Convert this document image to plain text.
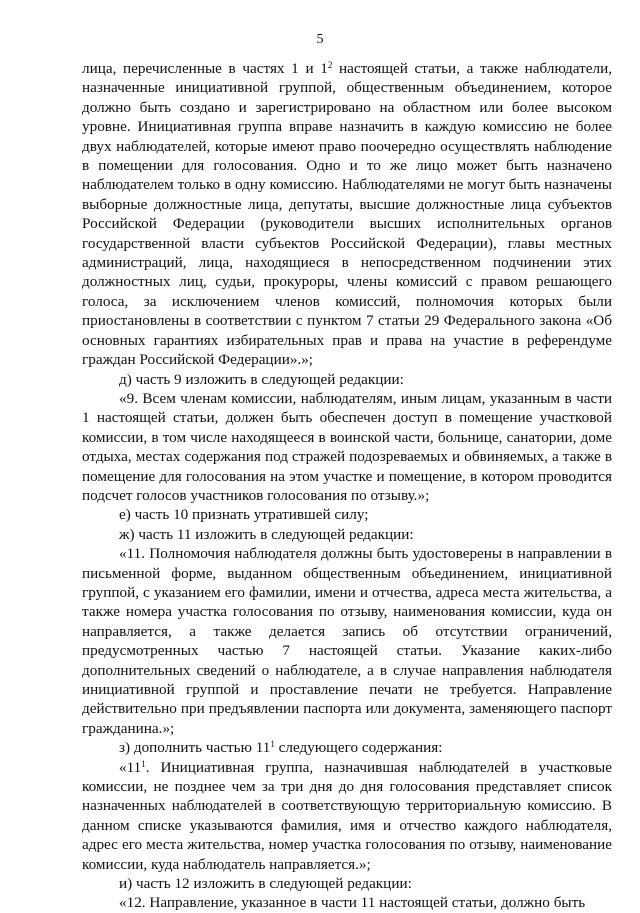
5

лица, перечисленные в частях 1 и $1^2$ настоящей статьи, а также наблюдатели, назначенные инициативной группой, общественным объединением, которое должно быть создано и зарегистрировано на областном или более высоком уровне. Инициативная группа вправе назначить в каждую комиссию не более двух наблюдателей, которые имеют право поочередно осуществлять наблюдение в помещении для голосования. Одно и то же лицо может быть назначено наблюдателем только в одну комиссию. Наблюдателями не могут быть назначены выборные должностные лица, депутаты, высшие должностные лица субъектов Российской Федерации (руководители высших исполнительных органов государственной власти субъектов Российской Федерации), главы местных администраций, лица, находящиеся в непосредственном подчинении этих должностных лиц, судьи, прокуроры, члены комиссий с правом решающего голоса, за исключением членов комиссий, полномочия которых были приостановлены в соответствии с пунктом 7 статьи 29 Федерального закона «Об основных гарантиях избирательных прав и права на участие в референдуме граждан Российской Федерации».»;

д) часть 9 изложить в следующей редакции:

«9. Всем членам комиссии, наблюдателям, иным лицам, указанным в части 1 настоящей статьи, должен быть обеспечен доступ в помещение участковой комиссии, в том числе находящееся в воинской части, больнице, санатории, доме отдыха, местах содержания под стражей подозреваемых и обвиняемых, а также в помещение для голосования на этом участке и помещение, в котором проводится подсчет голосов участников голосования по отзыву.»;

е) часть 10 признать утратившей силу;

ж) часть 11 изложить в следующей редакции:

«11. Полномочия наблюдателя должны быть удостоверены в направлении в письменной форме, выданном общественным объединением, инициативной группой, с указанием его фамилии, имени и отчества, адреса места жительства, а также номера участка голосования по отзыву, наименования комиссии, куда он направляется, а также делается запись об отсутствии ограничений, предусмотренных частью 7 настоящей статьи. Указание каких-либо дополнительных сведений о наблюдателе, а в случае направления наблюдателя инициативной группой и проставление печати не требуется. Направление действительно при предъявлении паспорта или документа, заменяющего паспорт гражданина.»;

з) дополнить частью $11^1$ следующего содержания:

«$11^1$. Инициативная группа, назначившая наблюдателей в участковые комиссии, не позднее чем за три дня до дня голосования представляет список назначенных наблюдателей в соответствующую территориальную комиссию. В данном списке указываются фамилия, имя и отчество каждого наблюдателя, адрес его места жительства, номер участка голосования по отзыву, наименование комиссии, куда наблюдатель направляется.»;

и) часть 12 изложить в следующей редакции:

«12. Направление, указанное в части 11 настоящей статьи, должно быть
